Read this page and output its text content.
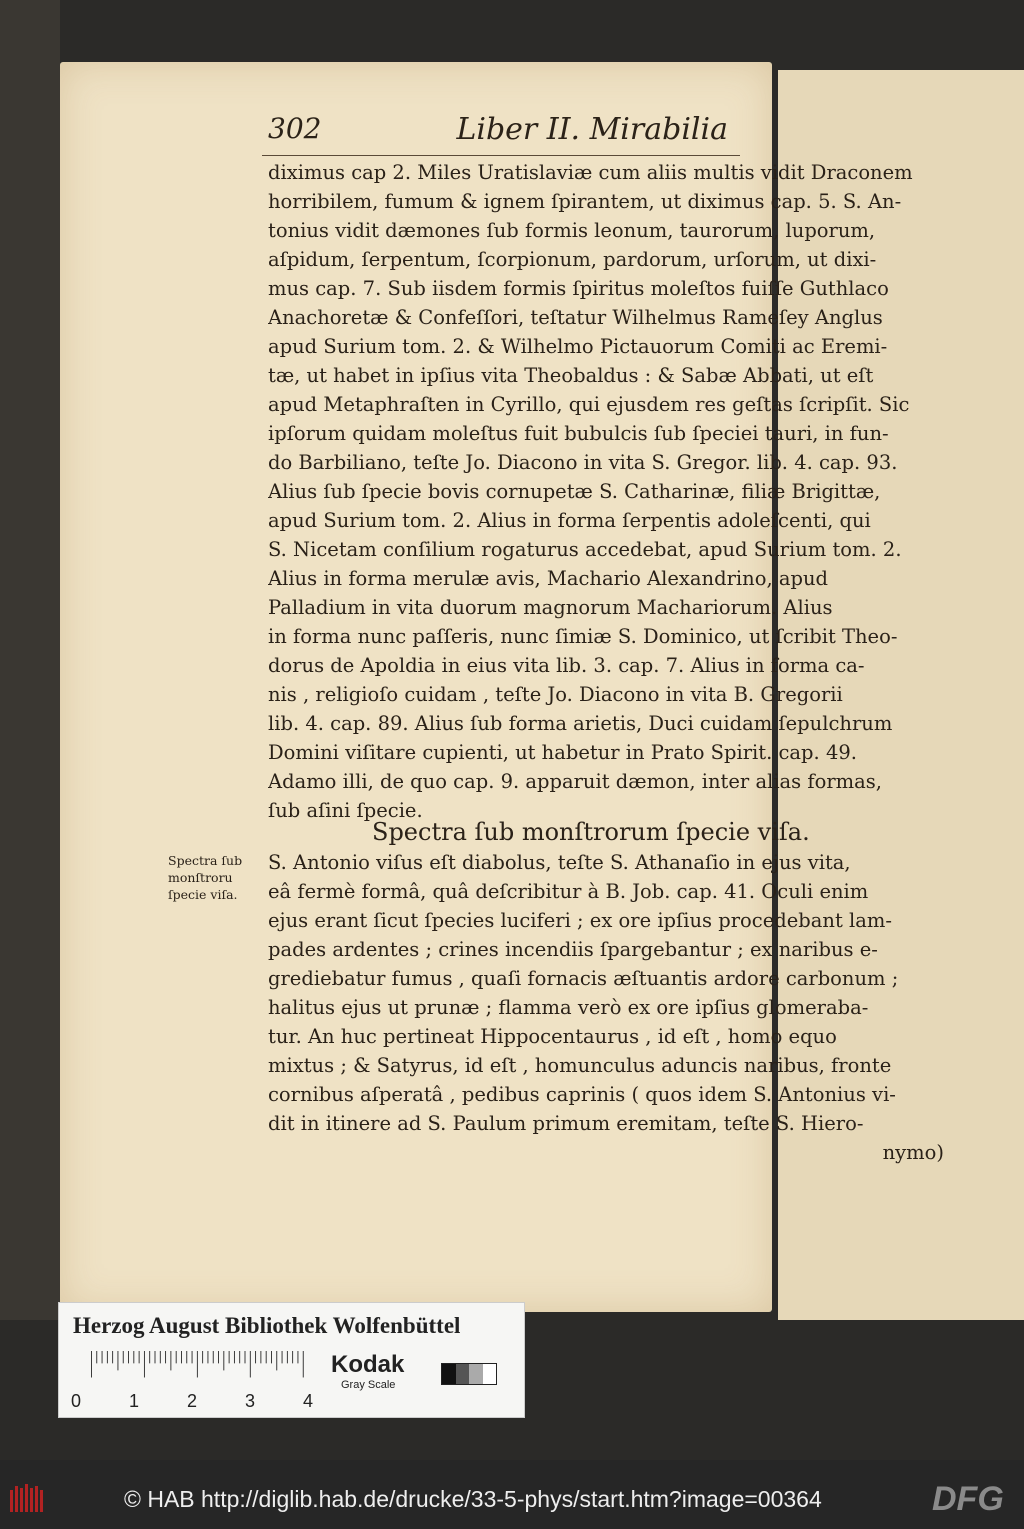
302	Liber II. Mirabilia
diximus cap 2. Miles Uratislaviæ cum aliis multis vidit Draconem
horribilem, fumum & ignem ſpirantem, ut diximus cap. 5. S. An-
tonius vidit dæmones ſub formis leonum, taurorum, luporum,
aſpidum, ſerpentum, ſcorpionum, pardorum, urſorum, ut dixi-
mus cap. 7. Sub iisdem formis ſpiritus moleſtos fuiſſe Guthlaco
Anachoretæ & Confeſſori, teſtatur Wilhelmus Rameſey Anglus
apud Surium tom. 2. & Wilhelmo Pictauorum Comiti ac Eremi-
tæ, ut habet in ipſius vita Theobaldus : & Sabæ Abbati, ut eſt
apud Metaphraſten in Cyrillo, qui ejusdem res geſtas ſcripſit. Sic
ipſorum quidam moleſtus fuit bubulcis ſub ſpeciei tauri, in fun-
do Barbiliano, teſte Jo. Diacono in vita S. Gregor. lib. 4. cap. 93.
Alius ſub ſpecie bovis cornupetæ S. Catharinæ, filiæ Brigittæ,
apud Surium tom. 2. Alius in forma ſerpentis adoleſcenti, qui
S. Nicetam conſilium rogaturus accedebat, apud Surium tom. 2.
Alius in forma merulæ avis, Machario Alexandrino, apud
Palladium in vita duorum magnorum Machariorum. Alius
in forma nunc paſſeris, nunc ſimiæ S. Dominico, ut ſcribit Theo-
dorus de Apoldia in eius vita lib. 3. cap. 7. Alius in forma ca-
nis , religioſo cuidam , teſte Jo. Diacono in vita B. Gregorii
lib. 4. cap. 89. Alius ſub forma arietis, Duci cuidam ſepulchrum
Domini viſitare cupienti, ut habetur in Prato Spirit. cap. 49.
Adamo illi, de quo cap. 9. apparuit dæmon, inter alias formas,
ſub aſini ſpecie.
Spectra ſub monſtrorum ſpecie viſa.
Spectra ſub
monſtroru
ſpecie viſa.
S. Antonio viſus eſt diabolus, teſte S. Athanaſio in ejus vita,
eâ fermè formâ, quâ deſcribitur à B. Job. cap. 41. Oculi enim
ejus erant ſicut ſpecies luciferi ; ex ore ipſius procedebant lam-
pades ardentes ; crines incendiis ſpargebantur ; ex naribus e-
grediebatur fumus , quaſi fornacis æſtuantis ardore carbonum ;
halitus ejus ut prunæ ; flamma verò ex ore ipſius glomeraba-
tur. An huc pertineat Hippocentaurus , id eſt , homo equo
mixtus ; & Satyrus, id eſt , homunculus aduncis naribus, fronte
cornibus aſperatâ , pedibus caprinis ( quos idem S. Antonius vi-
dit in itinere ad S. Paulum primum eremitam, teſte S. Hiero-
nymo)
Herzog August Bibliothek Wolfenbüttel
0	1	2	3	4
Kodak
Gray Scale
© HAB http://diglib.hab.de/drucke/33-5-phys/start.htm?image=00364	DFG
